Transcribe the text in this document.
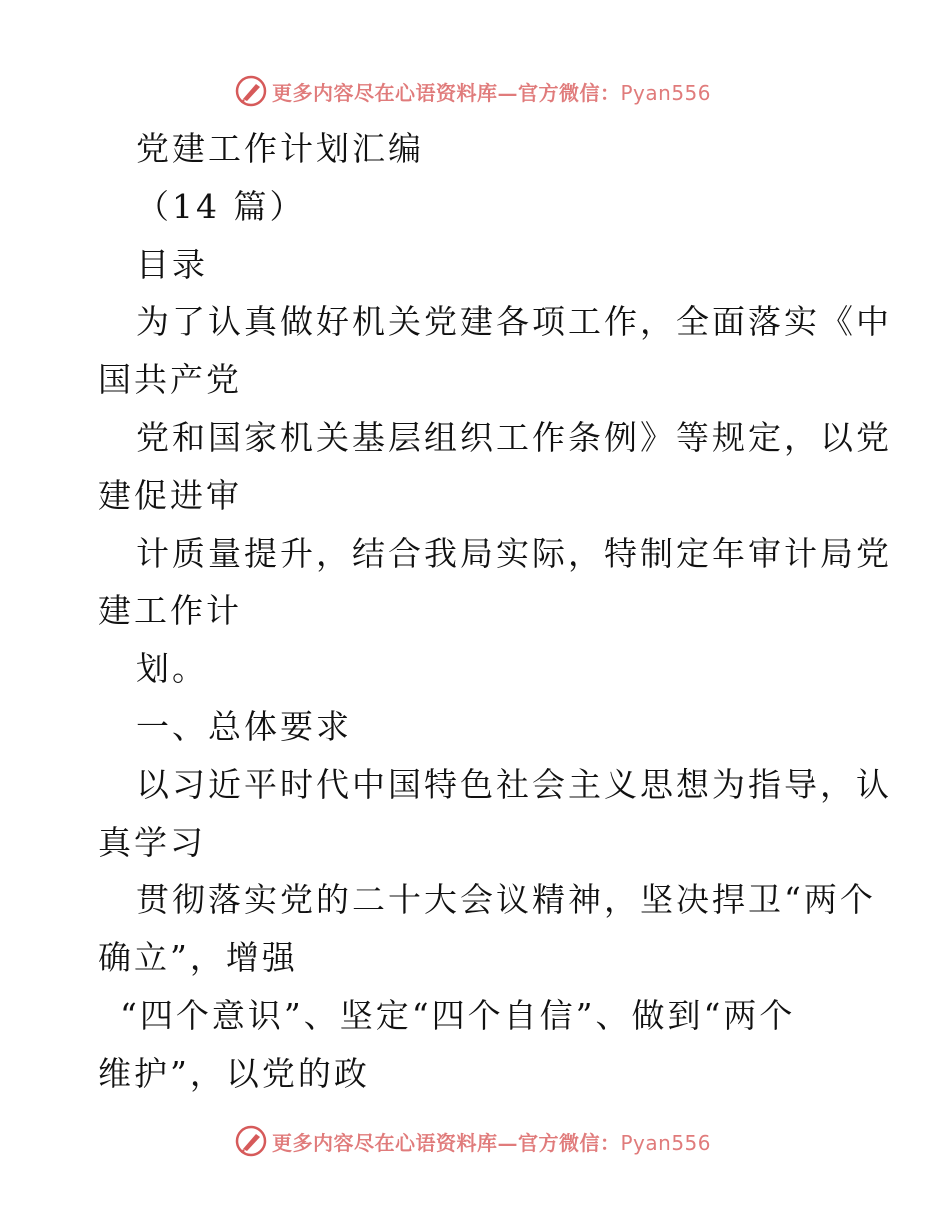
更多内容尽在心语资料库—官方微信：Pyan556
党建工作计划汇编
（14 篇）
目录
为了认真做好机关党建各项工作，全面落实《中
国共产党
党和国家机关基层组织工作条例》等规定，以党
建促进审
计质量提升，结合我局实际，特制定年审计局党
建工作计
划。
一、总体要求
以习近平时代中国特色社会主义思想为指导，认
真学习
贯彻落实党的二十大会议精神，坚决捍卫“两个
确立”，增强
“四个意识”、坚定“四个自信”、做到“两个
维护”，以党的政
更多内容尽在心语资料库—官方微信：Pyan556
